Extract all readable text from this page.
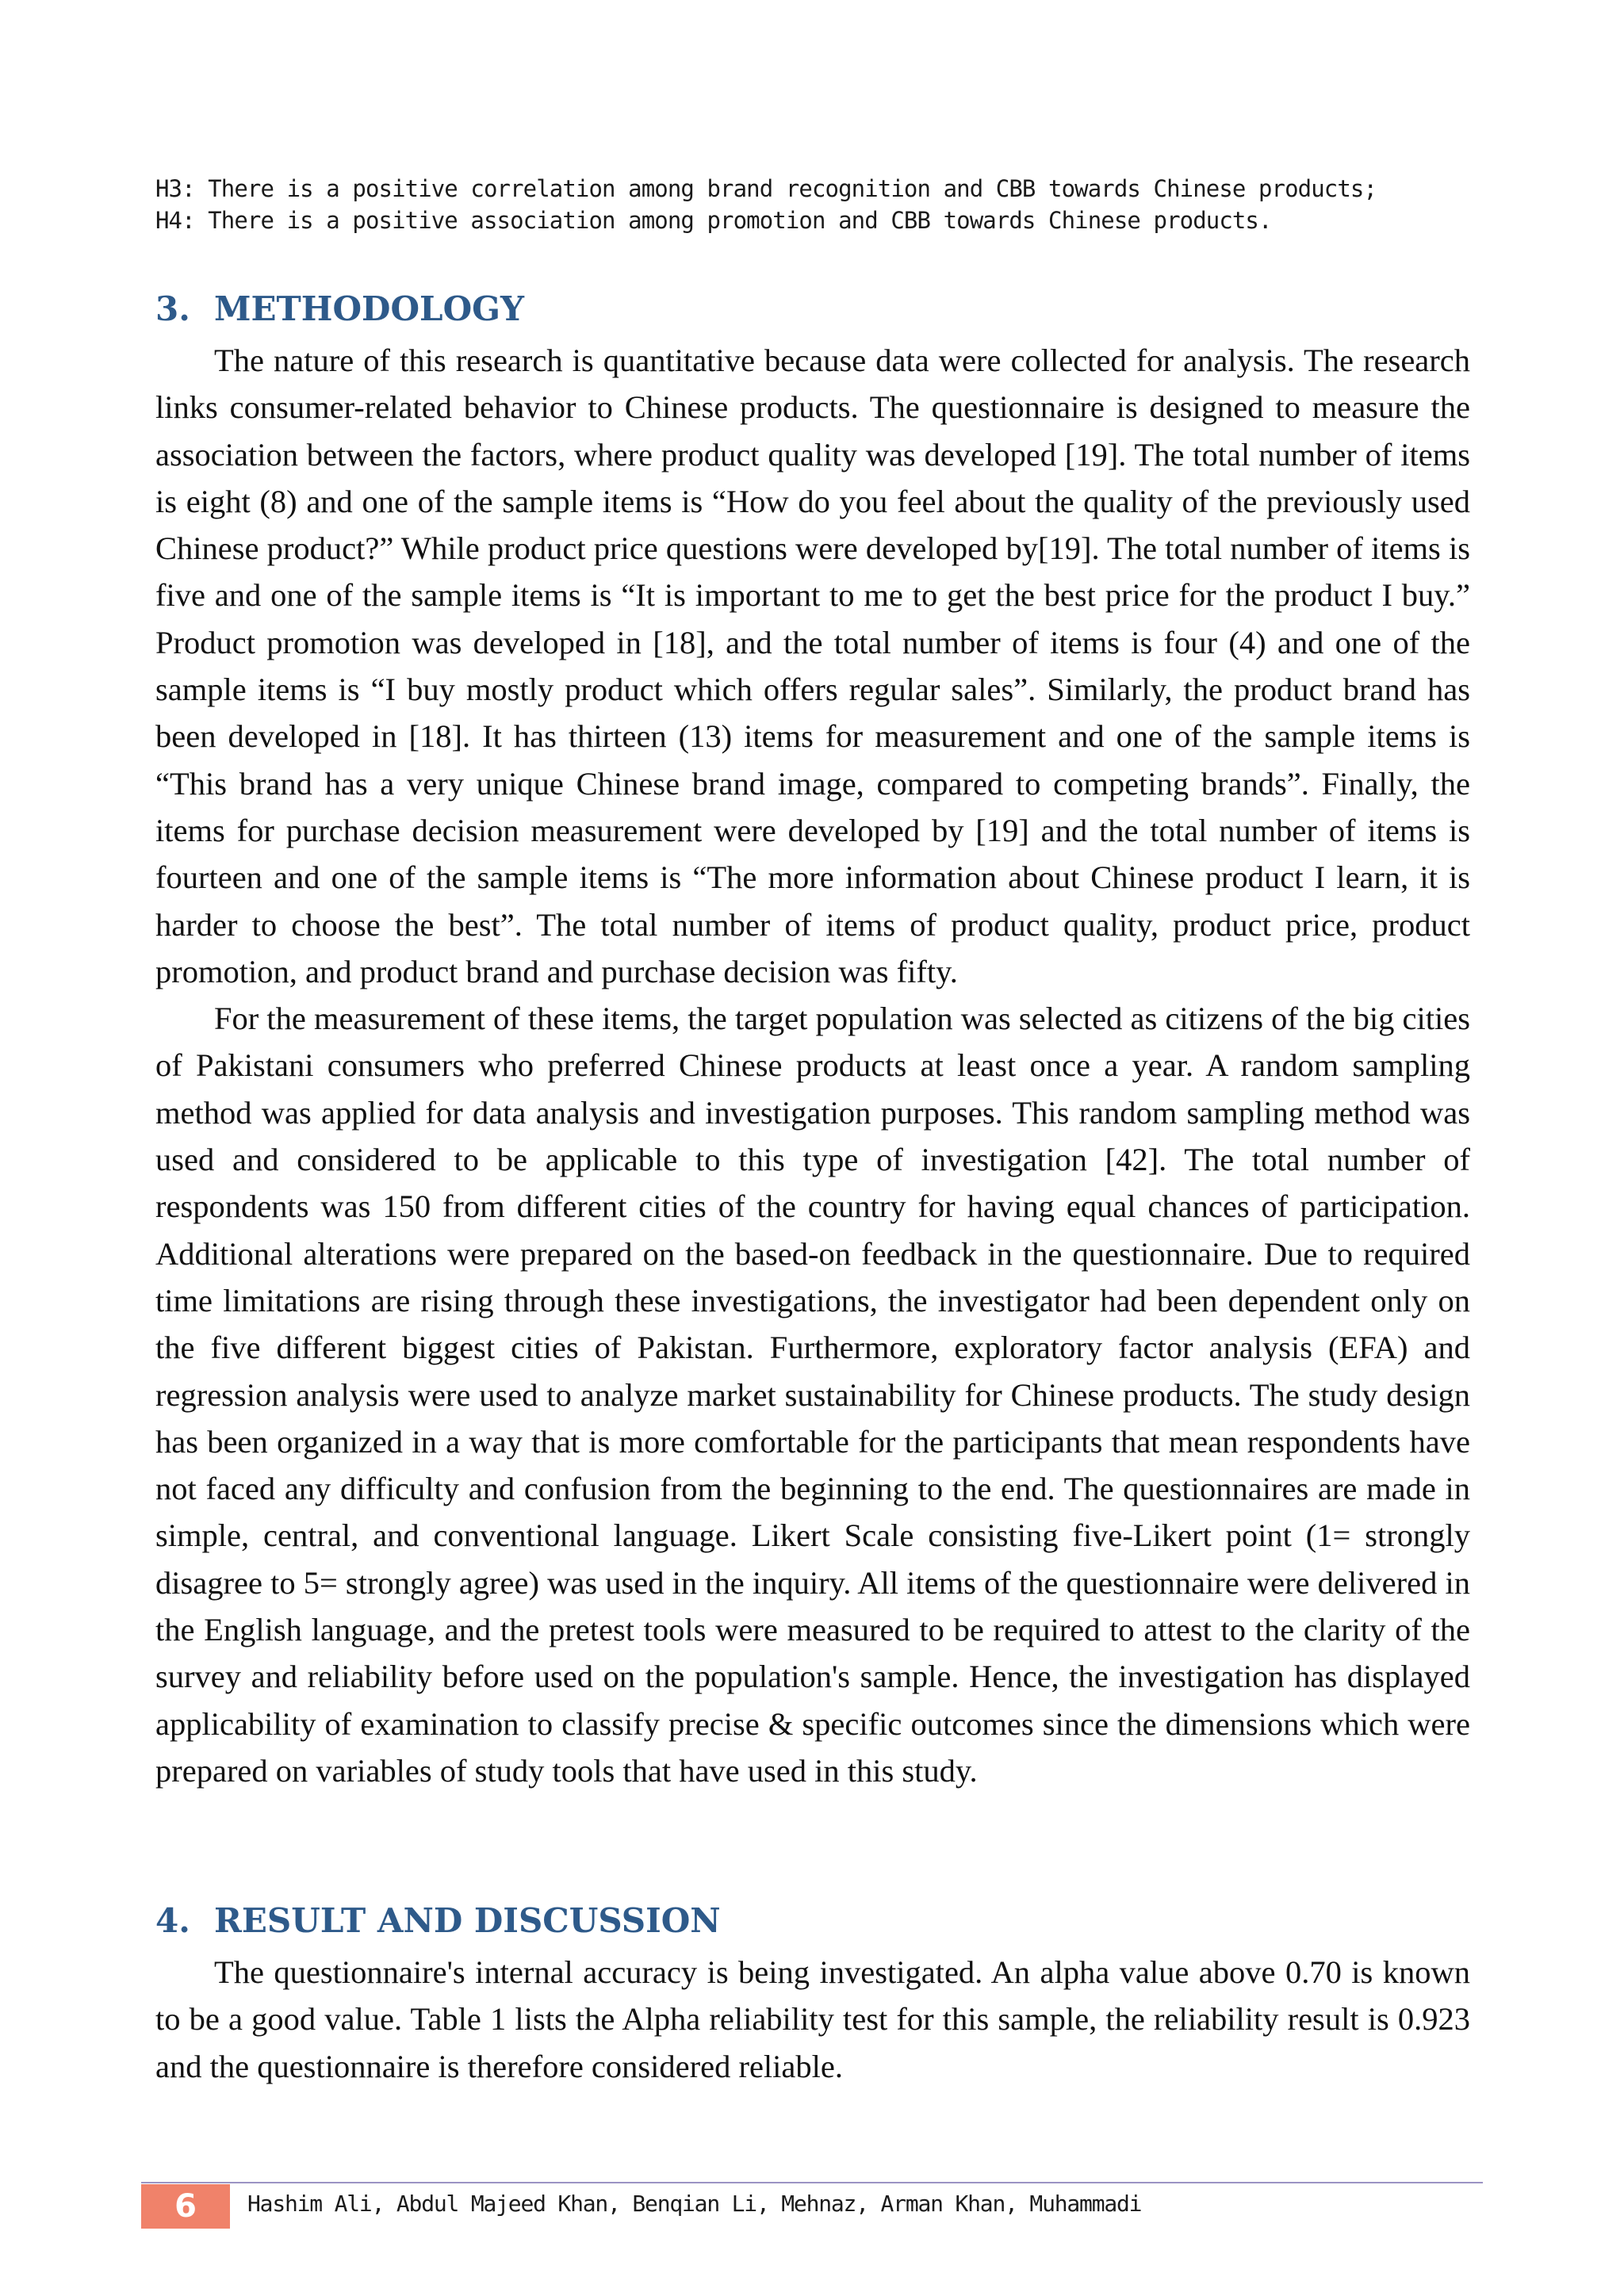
H3: There is a positive correlation among brand recognition and CBB towards Chinese products;
H4: There is a positive association among promotion and CBB towards Chinese products.
3. METHODOLOGY

The nature of this research is quantitative because data were collected for analysis. The research links consumer-related behavior to Chinese products. The questionnaire is designed to measure the association between the factors, where product quality was developed [19]. The total number of items is eight (8) and one of the sample items is “How do you feel about the quality of the previously used Chinese product?” While product price questions were developed by[19]. The total number of items is five and one of the sample items is “It is important to me to get the best price for the product I buy.” Product promotion was developed in [18], and the total number of items is four (4) and one of the sample items is “I buy mostly product which offers regular sales”. Similarly, the product brand has been developed in [18]. It has thirteen (13) items for measurement and one of the sample items is “This brand has a very unique Chinese brand image, compared to competing brands”. Finally, the items for purchase decision measurement were developed by [19] and the total number of items is fourteen and one of the sample items is “The more information about Chinese product I learn, it is harder to choose the best”. The total number of items of product quality, product price, product promotion, and product brand and purchase decision was fifty.

For the measurement of these items, the target population was selected as citizens of the big cities of Pakistani consumers who preferred Chinese products at least once a year. A random sampling method was applied for data analysis and investigation purposes. This random sampling method was used and considered to be applicable to this type of investigation [42]. The total number of respondents was 150 from different cities of the country for having equal chances of participation. Additional alterations were prepared on the based-on feedback in the questionnaire. Due to required time limitations are rising through these investigations, the investigator had been dependent only on the five different biggest cities of Pakistan. Furthermore, exploratory factor analysis (EFA) and regression analysis were used to analyze market sustainability for Chinese products. The study design has been organized in a way that is more comfortable for the participants that mean respondents have not faced any difficulty and confusion from the beginning to the end. The questionnaires are made in simple, central, and conventional language. Likert Scale consisting five-Likert point (1= strongly disagree to 5= strongly agree) was used in the inquiry. All items of the questionnaire were delivered in the English language, and the pretest tools were measured to be required to attest to the clarity of the survey and reliability before used on the population's sample. Hence, the investigation has displayed applicability of examination to classify precise & specific outcomes since the dimensions which were prepared on variables of study tools that have used in this study.

4. RESULT AND DISCUSSION

The questionnaire's internal accuracy is being investigated. An alpha value above 0.70 is known to be a good value. Table 1 lists the Alpha reliability test for this sample, the reliability result is 0.923 and the questionnaire is therefore considered reliable.

6	Hashim Ali, Abdul Majeed Khan, Benqian Li, Mehnaz, Arman Khan, Muhammadi
